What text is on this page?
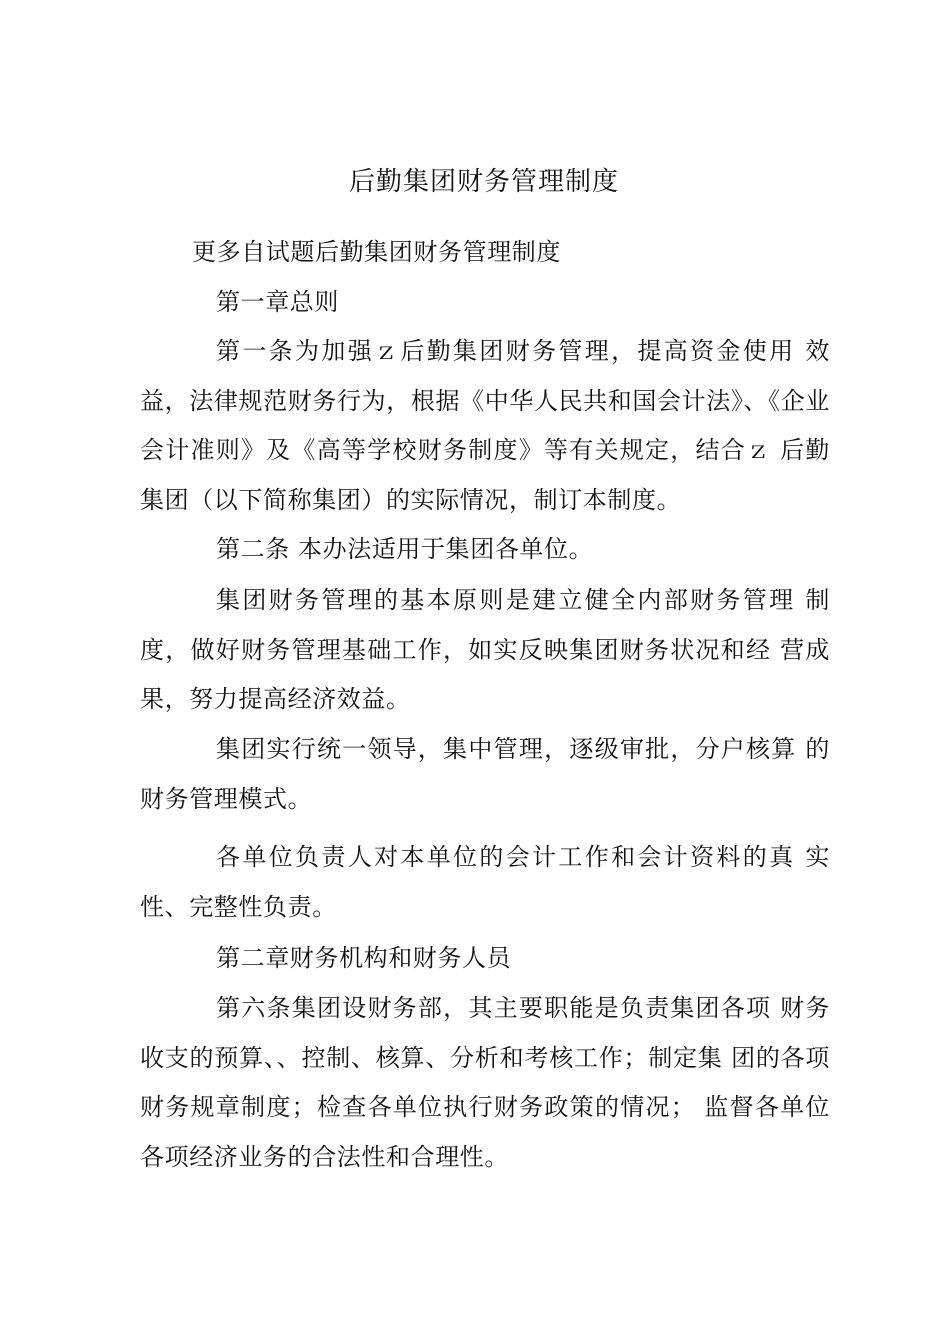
后勤集团财务管理制度
更多自试题后勤集团财务管理制度
第一章总则
第一条为加强ｚ后勤集团财务管理，提高资金使用 效益，法律规范财务行为，根据《中华人民共和国会计法》、《企业会计准则》及《高等学校财务制度》等有关规定，结合ｚ 后勤集团（以下简称集团）的实际情况，制订本制度。
第二条 本办法适用于集团各单位。
集团财务管理的基本原则是建立健全内部财务管理 制度，做好财务管理基础工作，如实反映集团财务状况和经 营成果，努力提高经济效益。
集团实行统一领导，集中管理，逐级审批，分户核算 的财务管理模式。
各单位负责人对本单位的会计工作和会计资料的真 实性、完整性负责。
第二章财务机构和财务人员
第六条集团设财务部，其主要职能是负责集团各项 财务收支的预算、、控制、核算、分析和考核工作；制定集 团的各项财务规章制度；检查各单位执行财务政策的情况； 监督各单位各项经济业务的合法性和合理性。
